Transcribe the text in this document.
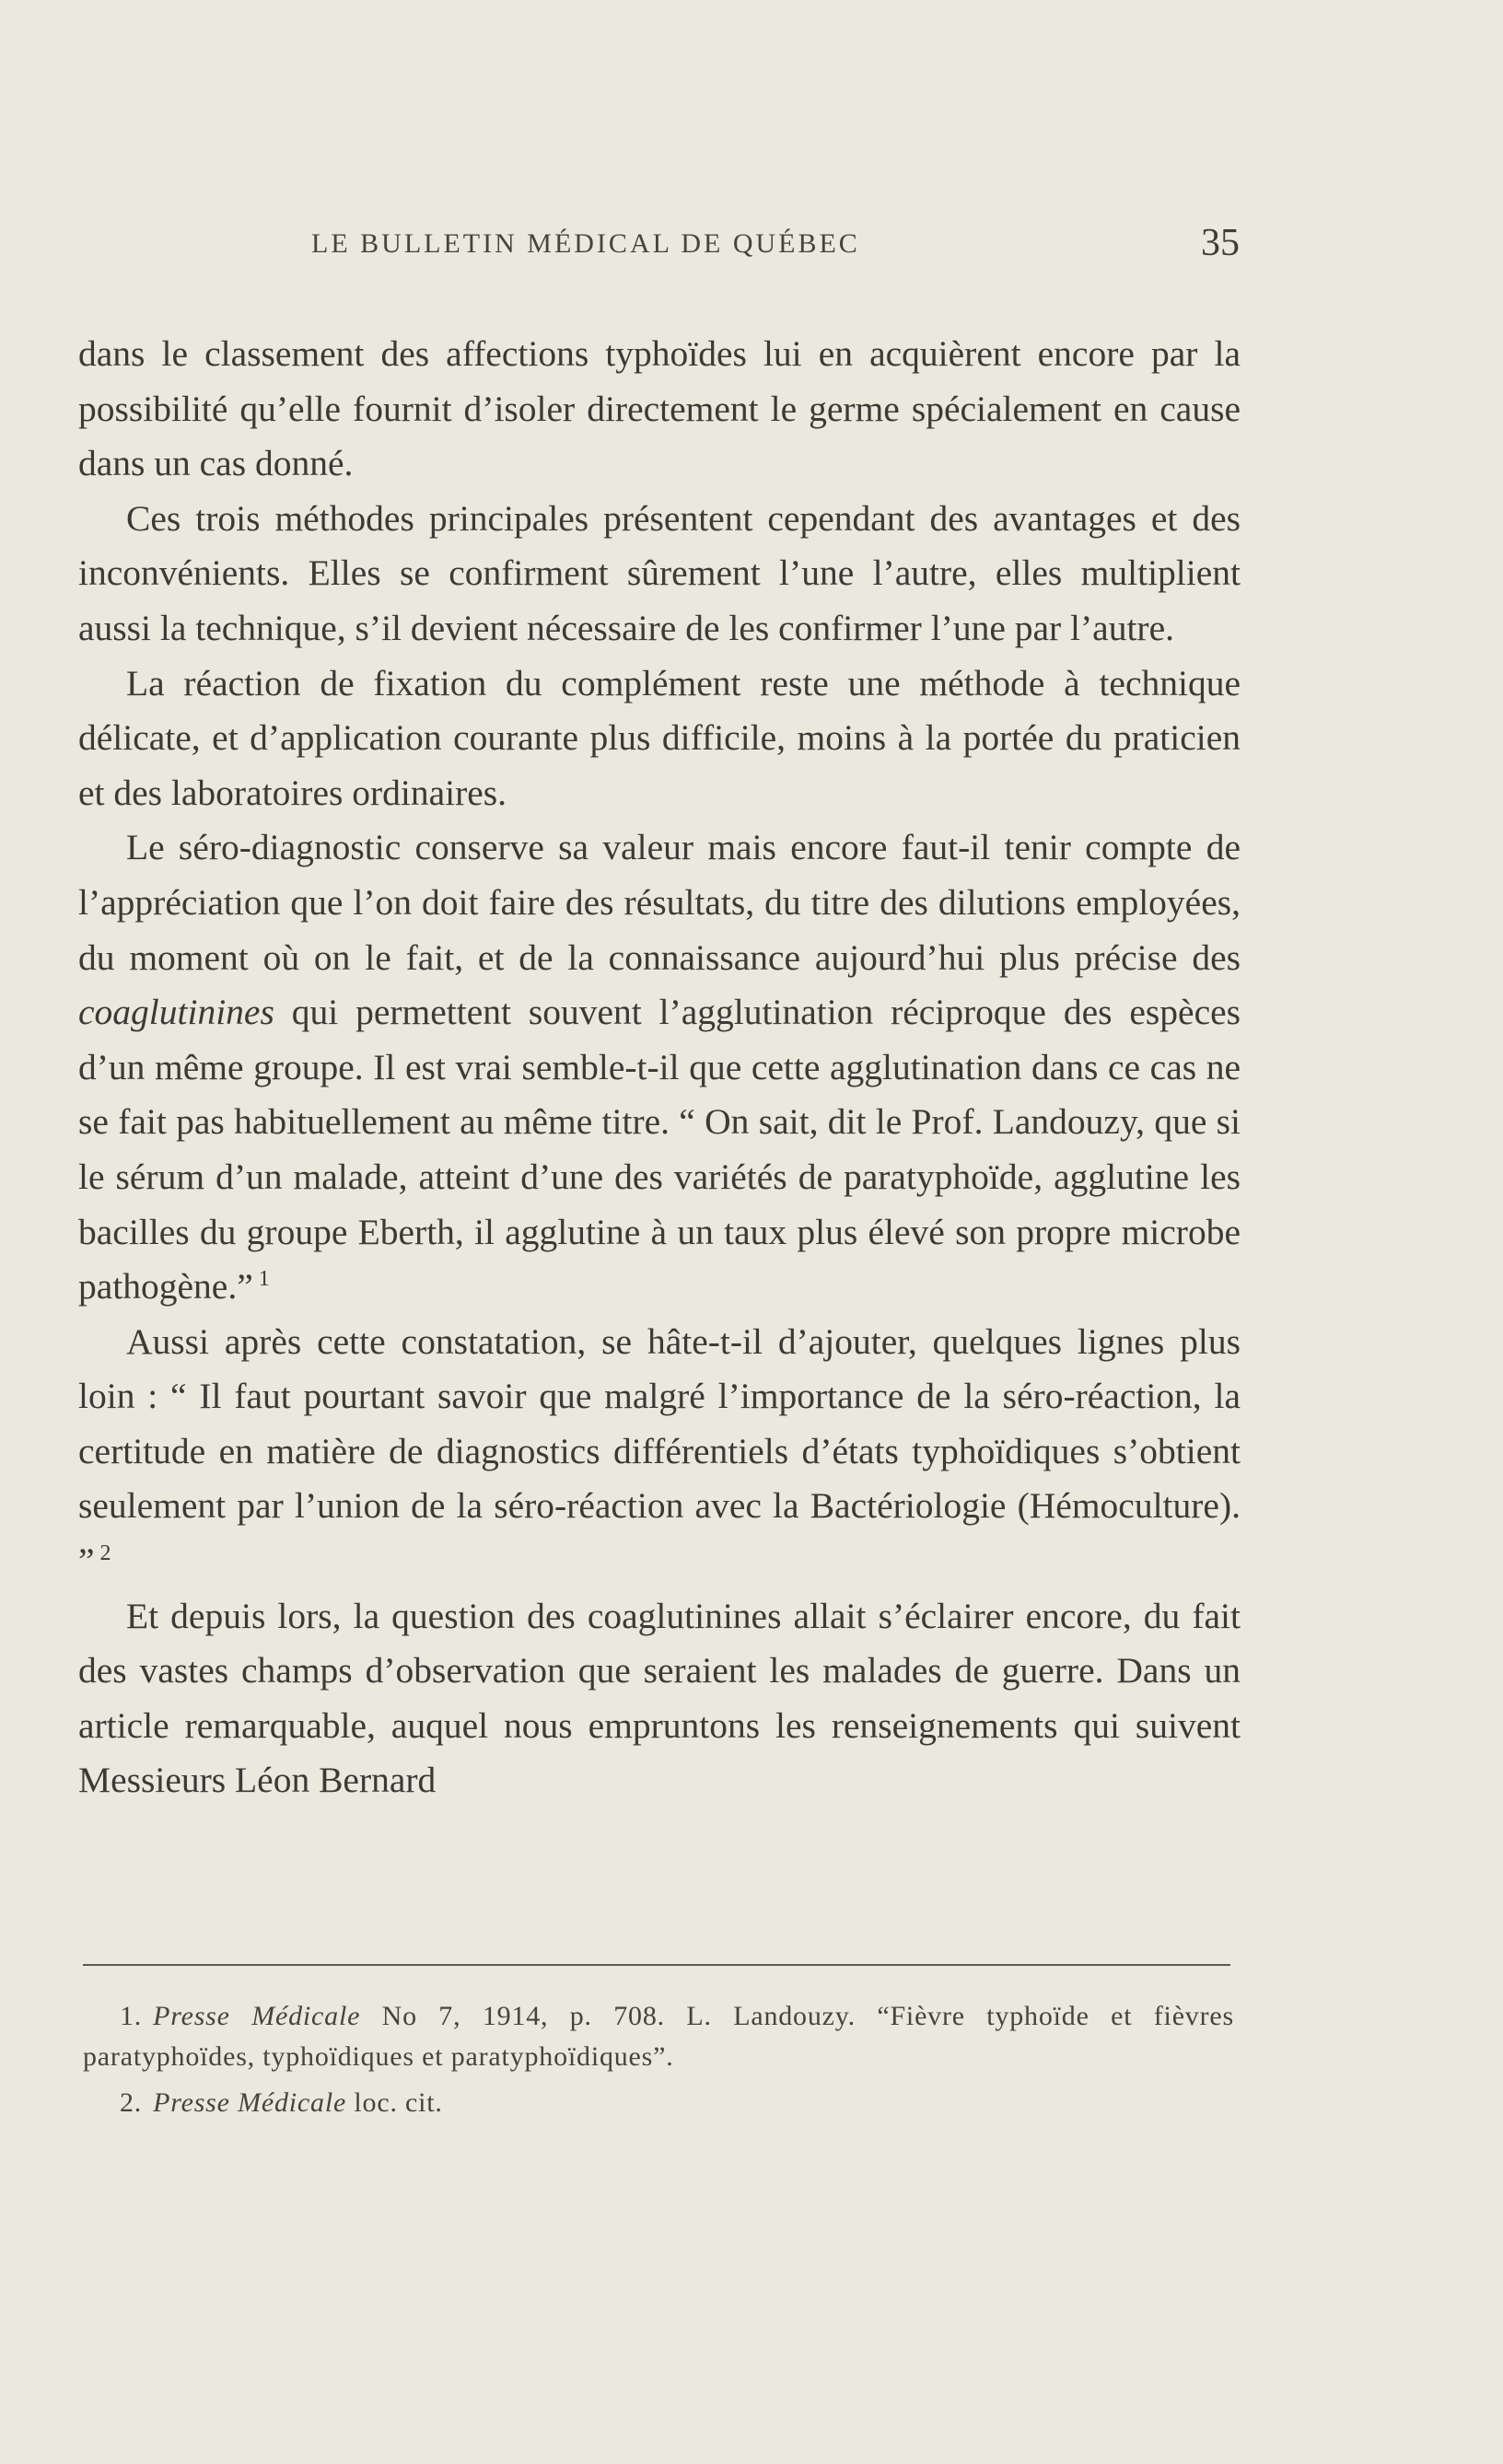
LE BULLETIN MÉDICAL DE QUÉBEC	35

dans le classement des affections typhoïdes lui en acquièrent encore par la possibilité qu’elle fournit d’isoler directement le germe spécialement en cause dans un cas donné.

Ces trois méthodes principales présentent cependant des avantages et des inconvénients. Elles se confirment sûrement l’une l’autre, elles multiplient aussi la technique, s’il devient nécessaire de les confirmer l’une par l’autre.

La réaction de fixation du complément reste une méthode à technique délicate, et d’application courante plus difficile, moins à la portée du praticien et des laboratoires ordinaires.

Le séro-diagnostic conserve sa valeur mais encore faut-il tenir compte de l’appréciation que l’on doit faire des résultats, du titre des dilutions employées, du moment où on le fait, et de la connaissance aujourd’hui plus précise des coaglutinines qui permettent souvent l’agglutination réciproque des espèces d’un même groupe. Il est vrai semble-t-il que cette agglutination dans ce cas ne se fait pas habituellement au même titre. “ On sait, dit le Prof. Landouzy, que si le sérum d’un malade, atteint d’une des variétés de paratyphoïde, agglutine les bacilles du groupe Eberth, il agglutine à un taux plus élevé son propre microbe pathogène.” $^1$

Aussi après cette constatation, se hâte-t-il d’ajouter, quelques lignes plus loin : “ Il faut pourtant savoir que malgré l’importance de la séro-réaction, la certitude en matière de diagnostics différentiels d’états typhoïdiques s’obtient seulement par l’union de la séro-réaction avec la Bactériologie (Hémoculture). ” $^2$

Et depuis lors, la question des coaglutinines allait s’éclairer encore, du fait des vastes champs d’observation que seraient les malades de guerre. Dans un article remarquable, auquel nous empruntons les renseignements qui suivent Messieurs Léon Bernard

1. Presse Médicale No 7, 1914, p. 708. L. Landouzy. “Fièvre typhoïde et fièvres paratyphoïdes, typhoïdiques et paratyphoïdiques”.

2. Presse Médicale loc. cit.
